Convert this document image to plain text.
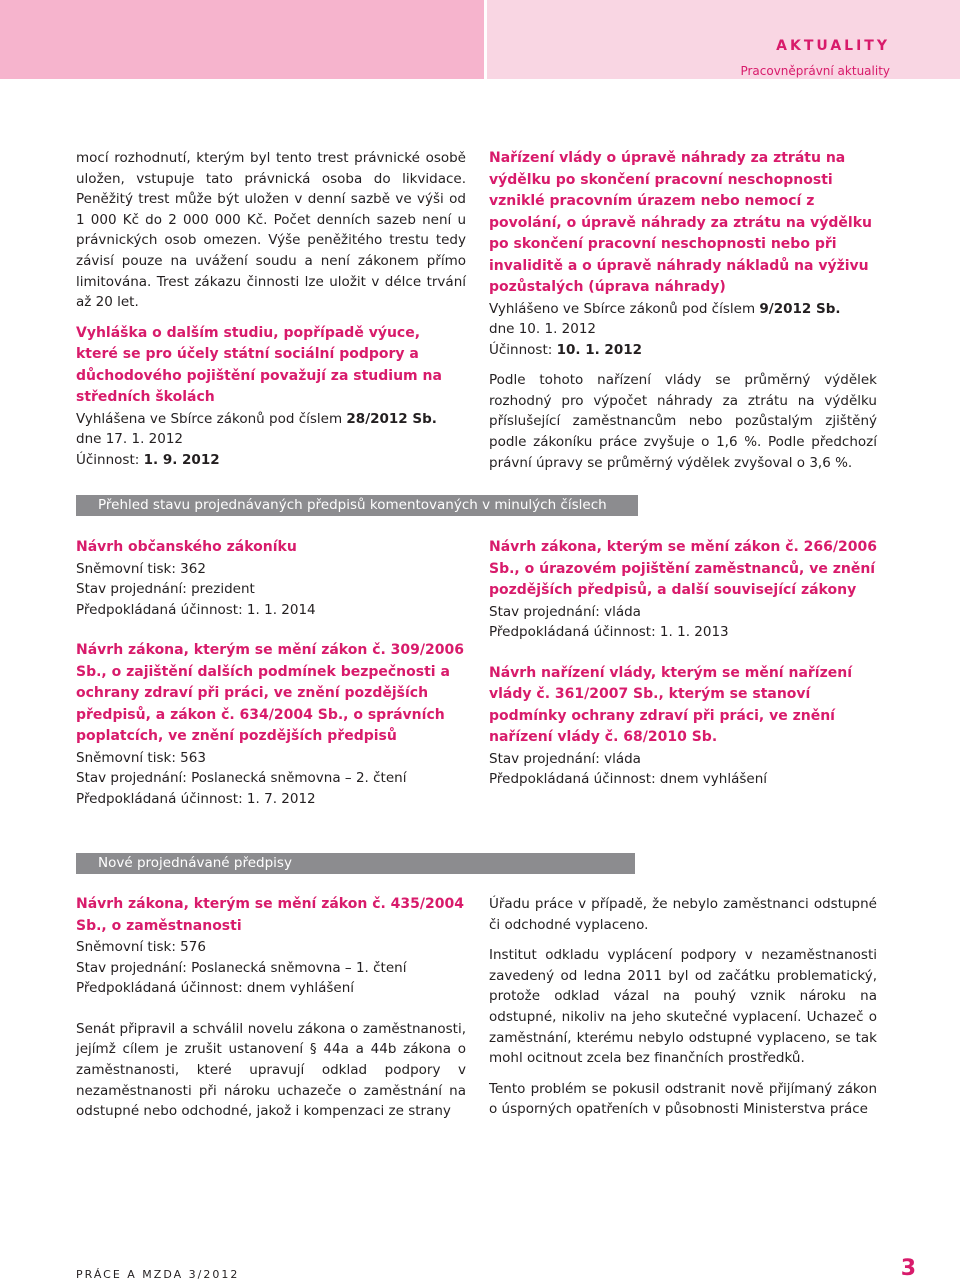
AKTUALITY
Pracovněprávní aktuality

mocí rozhodnutí, kterým byl tento trest právnické osobě uložen, vstupuje tato právnická osoba do likvidace. Peněžitý trest může být uložen v denní sazbě ve výši od 1 000 Kč do 2 000 000 Kč. Počet denních sazeb není u právnických osob omezen. Výše peněžitého trestu tedy závisí pouze na uvážení soudu a není zákonem přímo limitována. Trest zákazu činnosti lze uložit v délce trvání až 20 let.

Vyhláška o dalším studiu, popřípadě výuce, které se pro účely státní sociální podpory a důchodového pojištění považují za studium na středních školách

Vyhlášena ve Sbírce zákonů pod číslem 28/2012 Sb.

dne 17. 1. 2012

Účinnost: 1. 9. 2012

Nařízení vlády o úpravě náhrady za ztrátu na výdělku po skončení pracovní neschopnosti vzniklé pracovním úrazem nebo nemocí z povolání, o úpravě náhrady za ztrátu na výdělku po skončení pracovní neschopnosti nebo při invaliditě a o úpravě náhrady nákladů na výživu pozůstalých (úprava náhrady)

Vyhlášeno ve Sbírce zákonů pod číslem 9/2012 Sb.

dne 10. 1. 2012

Účinnost: 10. 1. 2012

Podle tohoto nařízení vlády se průměrný výdělek rozhodný pro výpočet náhrady za ztrátu na výdělku příslušející zaměstnancům nebo pozůstalým zjištěný podle zákoníku práce zvyšuje o 1,6 %. Podle předchozí právní úpravy se průměrný výdělek zvyšoval o 3,6 %.

Přehled stavu projednávaných předpisů komentovaných v minulých číslech

Návrh občanského zákoníku

Sněmovní tisk: 362

Stav projednání: prezident

Předpokládaná účinnost: 1. 1. 2014

Návrh zákona, kterým se mění zákon č. 309/2006 Sb., o zajištění dalších podmínek bezpečnosti a ochrany zdraví při práci, ve znění pozdějších předpisů, a zákon č. 634/2004 Sb., o správních poplatcích, ve znění pozdějších předpisů

Sněmovní tisk: 563

Stav projednání: Poslanecká sněmovna – 2. čtení

Předpokládaná účinnost: 1. 7. 2012

Návrh zákona, kterým se mění zákon č. 266/2006 Sb., o úrazovém pojištění zaměstnanců, ve znění pozdějších předpisů, a další související zákony

Stav projednání: vláda

Předpokládaná účinnost: 1. 1. 2013

Návrh nařízení vlády, kterým se mění nařízení vlády č. 361/2007 Sb., kterým se stanoví podmínky ochrany zdraví při práci, ve znění nařízení vlády č. 68/2010 Sb.

Stav projednání: vláda

Předpokládaná účinnost: dnem vyhlášení

Nové projednávané předpisy

Návrh zákona, kterým se mění zákon č. 435/2004 Sb., o zaměstnanosti

Sněmovní tisk: 576

Stav projednání: Poslanecká sněmovna – 1. čtení

Předpokládaná účinnost: dnem vyhlášení

Senát připravil a schválil novelu zákona o zaměstnanosti, jejímž cílem je zrušit ustanovení § 44a a 44b zákona o zaměstnanosti, které upravují odklad podpory v nezaměstnanosti při nároku uchazeče o zaměstnání na odstupné nebo odchodné, jakož i kompenzaci ze strany

Úřadu práce v případě, že nebylo zaměstnanci odstupné či odchodné vyplaceno.

Institut odkladu vyplácení podpory v nezaměstnanosti zavedený od ledna 2011 byl od začátku problematický, protože odklad vázal na pouhý vznik nároku na odstupné, nikoliv na jeho skutečné vyplacení. Uchazeč o zaměstnání, kterému nebylo odstupné vyplaceno, se tak mohl ocitnout zcela bez finančních prostředků.

Tento problém se pokusil odstranit nově přijímaný zákon o úsporných opatřeních v působnosti Ministerstva práce

PRÁCE A MZDA 3/2012	3
